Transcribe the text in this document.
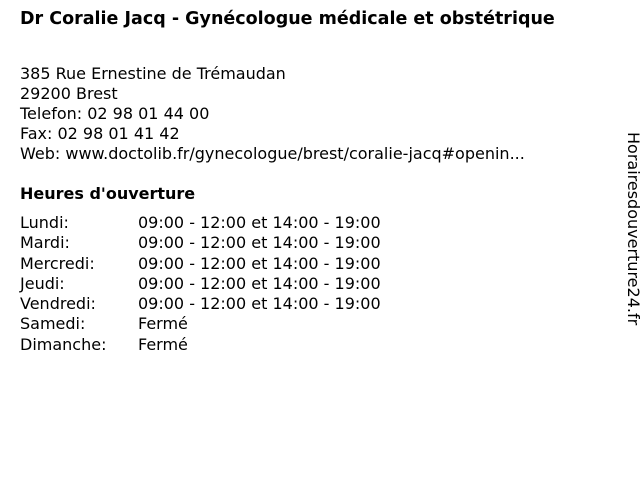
Dr Coralie Jacq - Gynécologue médicale et obstétrique
385 Rue Ernestine de Trémaudan
29200 Brest
Telefon: 02 98 01 44 00
Fax: 02 98 01 41 42
Web: www.doctolib.fr/gynecologue/brest/coralie-jacq#openin...
Heures d'ouverture
Lundi:	09:00 - 12:00 et 14:00 - 19:00
Mardi:	09:00 - 12:00 et 14:00 - 19:00
Mercredi:	09:00 - 12:00 et 14:00 - 19:00
Jeudi:	09:00 - 12:00 et 14:00 - 19:00
Vendredi:	09:00 - 12:00 et 14:00 - 19:00
Samedi:	Fermé
Dimanche:	Fermé
Horairesdouverture24.fr
